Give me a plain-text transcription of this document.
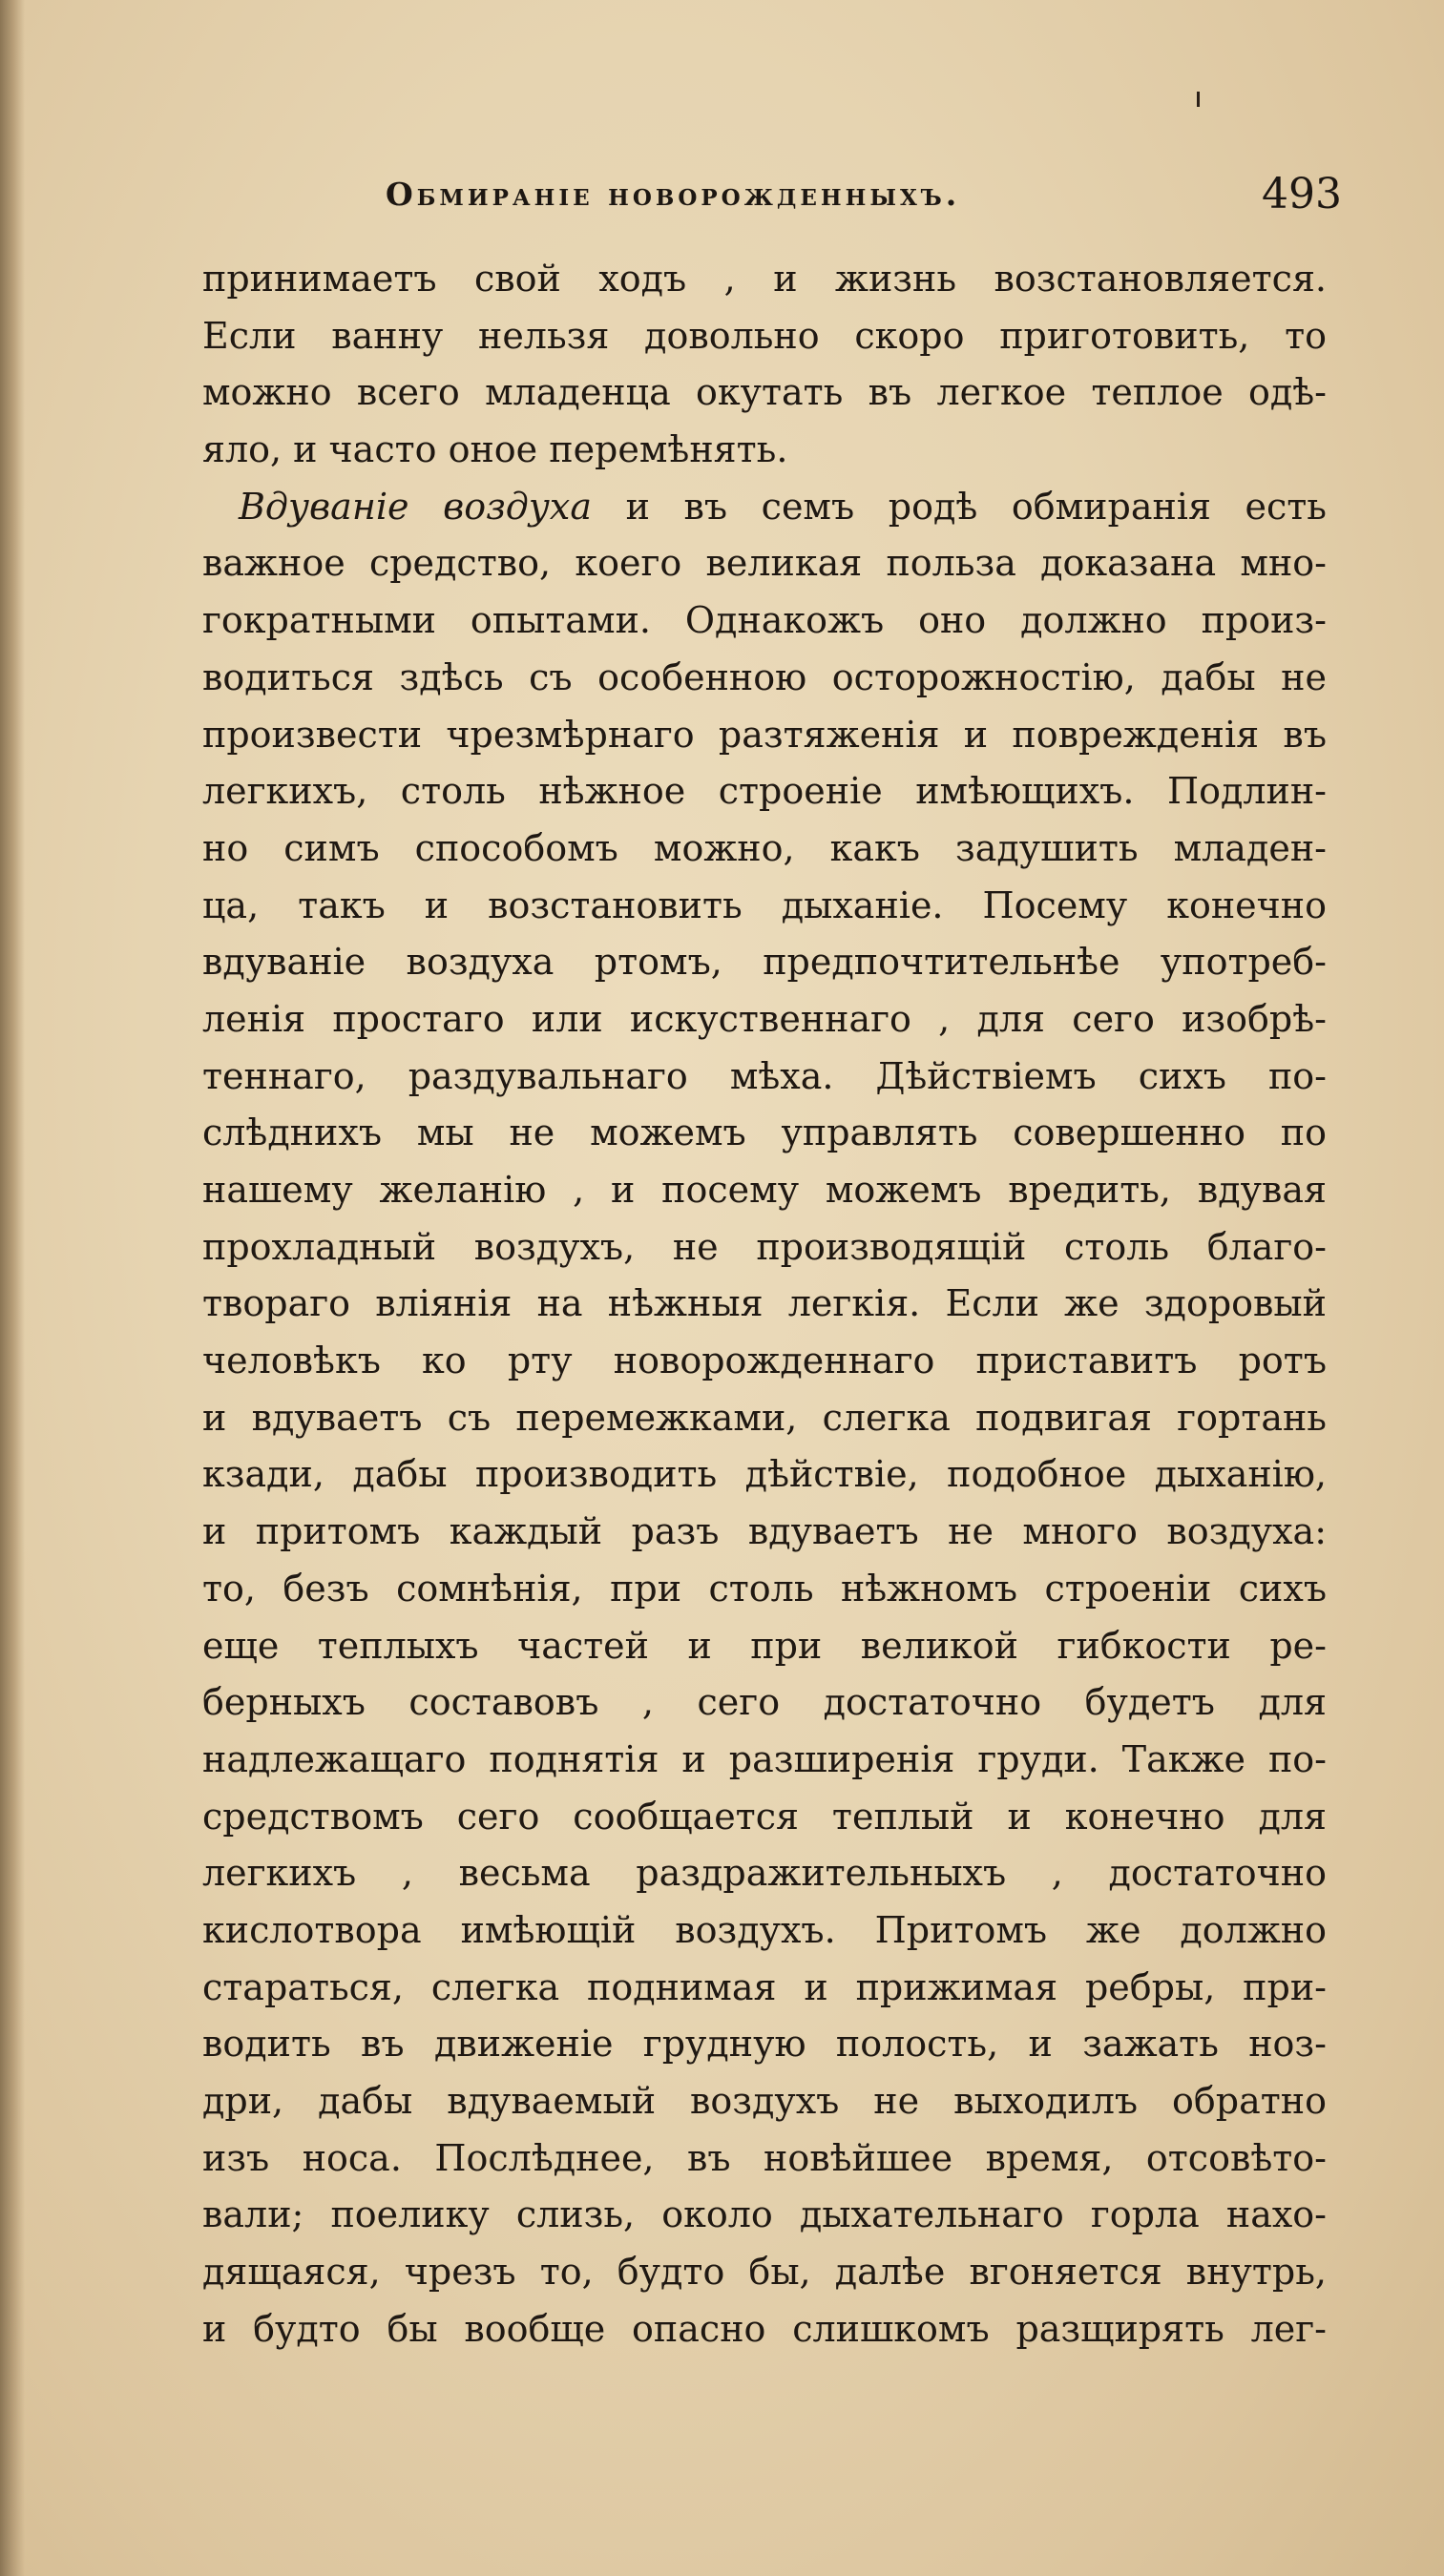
Обмираніе новорожденныхъ.	493
принимаетъ свой ходъ , и жизнь возстановляется.
Если ванну нельзя довольно скоро приготовить, то
можно всего младенца окутать въ легкое теплое одѣ-
яло, и часто оное перемѣнять.
Вдуваніе воздуха и въ семъ родѣ обмиранія есть
важное средство, коего великая польза доказана мно-
гократными опытами. Однакожъ оно должно произ-
водиться здѣсь съ особенною осторожностію, дабы не
произвести чрезмѣрнаго разтяженія и поврежденія въ
легкихъ, столь нѣжное строеніе имѣющихъ. Подлин-
но симъ способомъ можно, какъ задушить младен-
ца, такъ и возстановить дыханіе. Посему конечно
вдуваніе воздуха ртомъ, предпочтительнѣе употреб-
ленія простаго или искуственнаго , для сего изобрѣ-
теннаго, раздувальнаго мѣха. Дѣйствіемъ сихъ по-
слѣднихъ мы не можемъ управлять совершенно по
нашему желанію , и посему можемъ вредить, вдувая
прохладный воздухъ, не производящій столь благо-
твораго вліянія на нѣжныя легкія. Если же здоровый
человѣкъ ко рту новорожденнаго приставитъ ротъ
и вдуваетъ съ перемежками, слегка подвигая гортань
кзади, дабы производить дѣйствіе, подобное дыханію,
и притомъ каждый разъ вдуваетъ не много воздуха:
то, безъ сомнѣнія, при столь нѣжномъ строеніи сихъ
еще теплыхъ частей и при великой гибкости ре-
берныхъ составовъ , сего достаточно будетъ для
надлежащаго поднятія и разширенія груди. Также по-
средствомъ сего сообщается теплый и конечно для
легкихъ , весьма раздражительныхъ , достаточно
кислотвора имѣющій воздухъ. Притомъ же должно
стараться, слегка поднимая и прижимая ребры, при-
водить въ движеніе грудную полость, и зажать ноз-
дри, дабы вдуваемый воздухъ не выходилъ обратно
изъ носа. Послѣднее, въ новѣйшее время, отсовѣто-
вали; поелику слизь, около дыхательнаго горла нахо-
дящаяся, чрезъ то, будто бы, далѣе вгоняется внутрь,
и будто бы вообще опасно слишкомъ разщирять лег-
